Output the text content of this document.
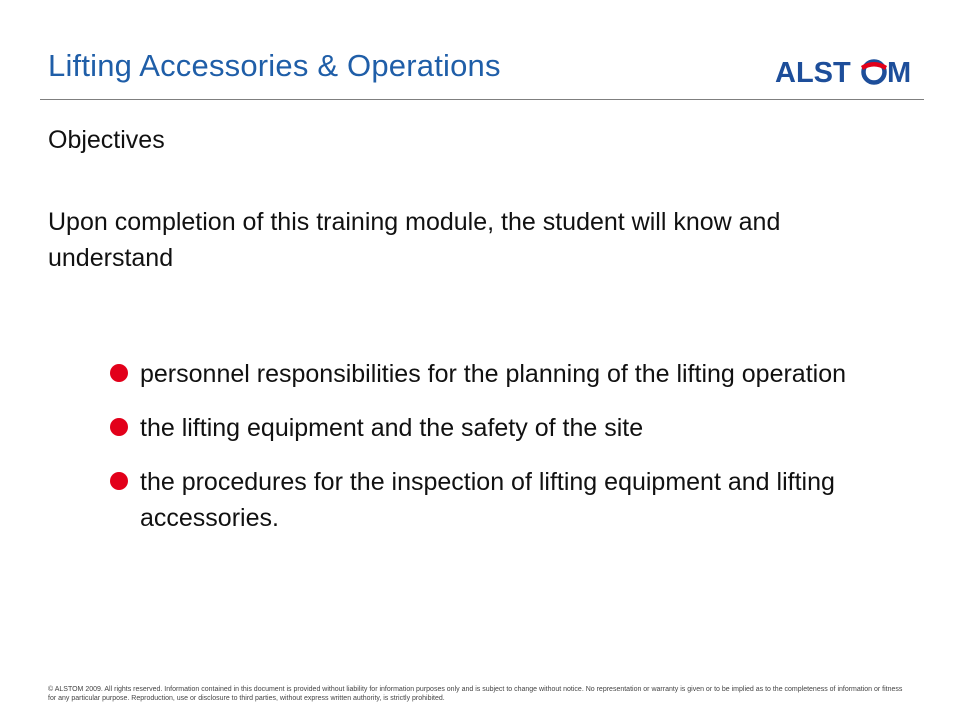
Lifting Accessories & Operations	ALST M
Objectives
Upon completion of this training module, the student will know and understand
personnel responsibilities for the planning of the lifting operation
the lifting equipment and the safety of the site
the procedures for the inspection of lifting equipment and lifting accessories.
© ALSTOM 2009. All rights reserved. Information contained in this document is provided without liability for information purposes only and is subject to change without notice. No representation or warranty is given or to be implied as to the completeness of information or fitness for any particular purpose. Reproduction, use or disclosure to third parties, without express written authority, is strictly prohibited.
